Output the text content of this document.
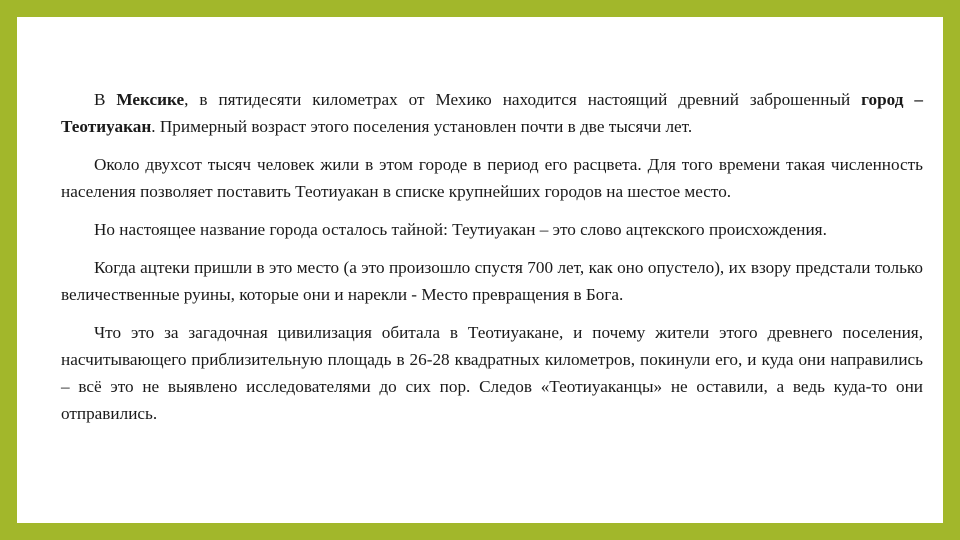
В Мексике, в пятидесяти километрах от Мехико находится настоящий древний заброшенный город – Теотиуакан. Примерный возраст этого поселения установлен почти в две тысячи лет.

Около двухсот тысяч человек жили в этом городе в период его расцвета. Для того времени такая численность населения позволяет поставить Теотиуакан в списке крупнейших городов на шестое место.

Но настоящее название города осталось тайной: Теутиуакан – это слово ацтекского происхождения.

Когда ацтеки пришли в это место (а это произошло спустя 700 лет, как оно опустело), их взору предстали только величественные руины, которые они и нарекли - Место превращения в Бога.

Что это за загадочная цивилизация обитала в Теотиуакане, и почему жители этого древнего поселения, насчитывающего приблизительную площадь в 26-28 квадратных километров, покинули его, и куда они направились – всё это не выявлено исследователями до сих пор. Следов «Теотиуаканцы» не оставили, а ведь куда-то они отправились.
